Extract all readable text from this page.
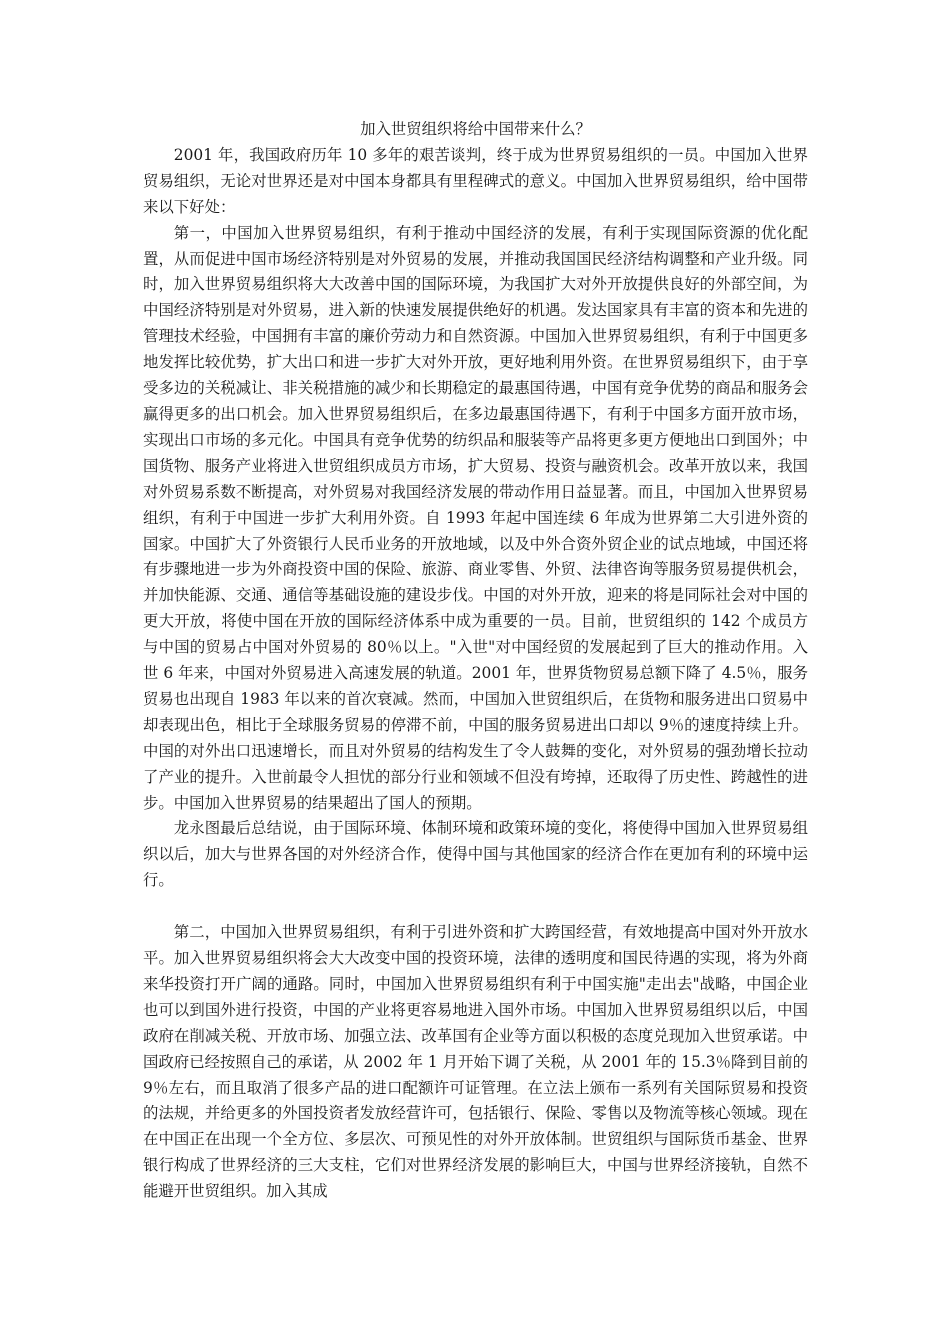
加入世贸组织将给中国带来什么？

2001 年，我国政府历年 10 多年的艰苦谈判，终于成为世界贸易组织的一员。中国加入世界贸易组织，无论对世界还是对中国本身都具有里程碑式的意义。中国加入世界贸易组织，给中国带来以下好处：

第一，中国加入世界贸易组织，有利于推动中国经济的发展，有利于实现国际资源的优化配置，从而促进中国市场经济特别是对外贸易的发展，并推动我国国民经济结构调整和产业升级。同时，加入世界贸易组织将大大改善中国的国际环境，为我国扩大对外开放提供良好的外部空间，为中国经济特别是对外贸易，进入新的快速发展提供绝好的机遇。发达国家具有丰富的资本和先进的管理技术经验，中国拥有丰富的廉价劳动力和自然资源。中国加入世界贸易组织，有利于中国更多地发挥比较优势，扩大出口和进一步扩大对外开放，更好地利用外资。在世界贸易组织下，由于享受多边的关税减让、非关税措施的减少和长期稳定的最惠国待遇，中国有竞争优势的商品和服务会赢得更多的出口机会。加入世界贸易组织后，在多边最惠国待遇下，有利于中国多方面开放市场，实现出口市场的多元化。中国具有竞争优势的纺织品和服装等产品将更多更方便地出口到国外；中国货物、服务产业将进入世贸组织成员方市场，扩大贸易、投资与融资机会。改革开放以来，我国对外贸易系数不断提高，对外贸易对我国经济发展的带动作用日益显著。而且，中国加入世界贸易组织，有利于中国进一步扩大利用外资。自 1993 年起中国连续 6 年成为世界第二大引进外资的国家。中国扩大了外资银行人民币业务的开放地域，以及中外合资外贸企业的试点地域，中国还将有步骤地进一步为外商投资中国的保险、旅游、商业零售、外贸、法律咨询等服务贸易提供机会，并加快能源、交通、通信等基础设施的建设步伐。中国的对外开放，迎来的将是同际社会对中国的更大开放，将使中国在开放的国际经济体系中成为重要的一员。目前，世贸组织的 142 个成员方与中国的贸易占中国对外贸易的 80％以上。"入世"对中国经贸的发展起到了巨大的推动作用。入世 6 年来，中国对外贸易进入高速发展的轨道。2001 年，世界货物贸易总额下降了 4.5％，服务贸易也出现自 1983 年以来的首次衰减。然而，中国加入世贸组织后，在货物和服务进出口贸易中却表现出色，相比于全球服务贸易的停滞不前，中国的服务贸易进出口却以 9％的速度持续上升。中国的对外出口迅速增长，而且对外贸易的结构发生了令人鼓舞的变化，对外贸易的强劲增长拉动了产业的提升。入世前最令人担忧的部分行业和领域不但没有垮掉，还取得了历史性、跨越性的进步。中国加入世界贸易的结果超出了国人的预期。

龙永图最后总结说，由于国际环境、体制环境和政策环境的变化，将使得中国加入世界贸易组织以后，加大与世界各国的对外经济合作，使得中国与其他国家的经济合作在更加有利的环境中运行。

第二，中国加入世界贸易组织，有利于引进外资和扩大跨国经营，有效地提高中国对外开放水平。加入世界贸易组织将会大大改变中国的投资环境，法律的透明度和国民待遇的实现，将为外商来华投资打开广阔的通路。同时，中国加入世界贸易组织有利于中国实施"走出去"战略，中国企业也可以到国外进行投资，中国的产业将更容易地进入国外市场。中国加入世界贸易组织以后，中国政府在削减关税、开放市场、加强立法、改革国有企业等方面以积极的态度兑现加入世贸承诺。中国政府已经按照自己的承诺，从 2002 年 1 月开始下调了关税，从 2001 年的 15.3％降到目前的 9％左右，而且取消了很多产品的进口配额许可证管理。在立法上颁布一系列有关国际贸易和投资的法规，并给更多的外国投资者发放经营许可，包括银行、保险、零售以及物流等核心领域。现在在中国正在出现一个全方位、多层次、可预见性的对外开放体制。世贸组织与国际货币基金、世界银行构成了世界经济的三大支柱，它们对世界经济发展的影响巨大，中国与世界经济接轨，自然不能避开世贸组织。加入其成
